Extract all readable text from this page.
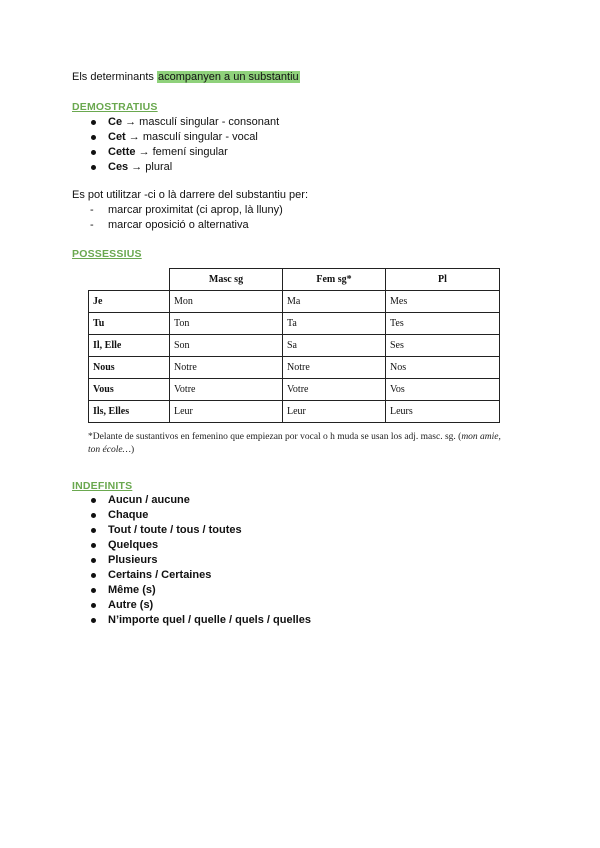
Els determinants acompanyen a un substantiu
DEMOSTRATIUS
Ce → masculí singular - consonant
Cet → masculí singular - vocal
Cette → femení singular
Ces → plural
Es pot utilitzar -ci o là darrere del substantiu per:
- marcar proximitat (ci aprop, là lluny)
- marcar oposició o alternativa
POSSESSIUS
	Masc sg	Fem sg*	Pl
Je	Mon	Ma	Mes
Tu	Ton	Ta	Tes
Il, Elle	Son	Sa	Ses
Nous	Notre	Notre	Nos
Vous	Votre	Votre	Vos
Ils, Elles	Leur	Leur	Leurs
*Delante de sustantivos en femenino que empiezan por vocal o h muda se usan los adj. masc. sg. (mon amie, ton école…)
INDEFINITS
Aucun / aucune
Chaque
Tout / toute / tous / toutes
Quelques
Plusieurs
Certains / Certaines
Même (s)
Autre (s)
N’importe quel / quelle / quels / quelles
